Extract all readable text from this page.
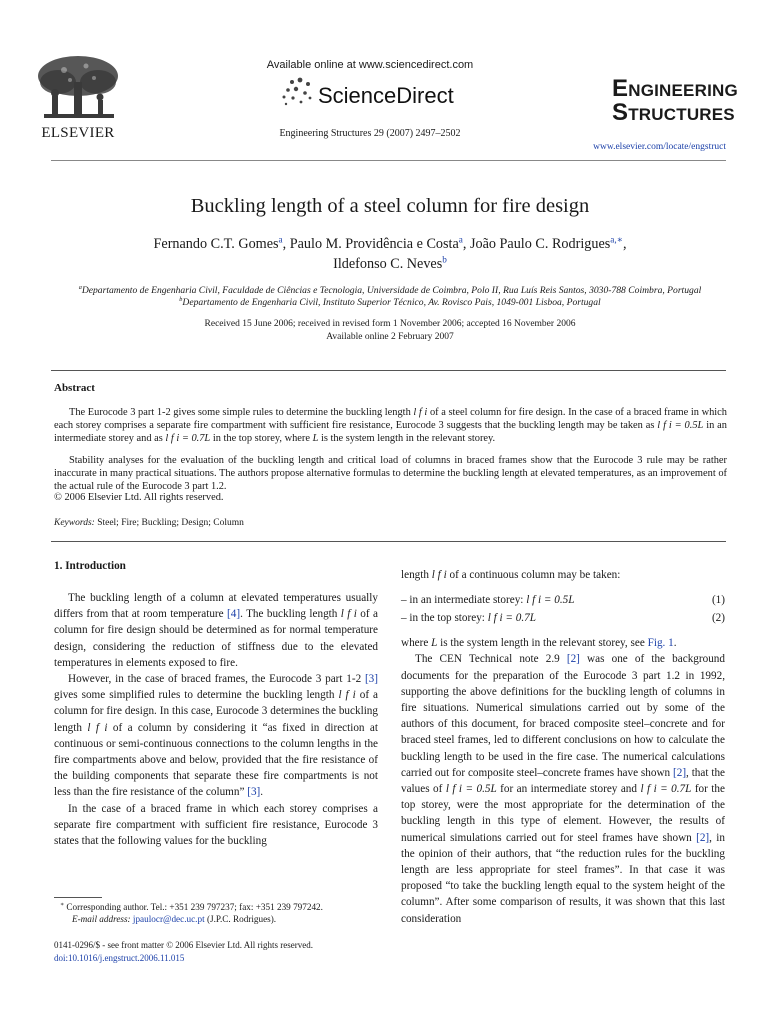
ELSEVIER
Available online at www.sciencedirect.com
ScienceDirect
Engineering Structures 29 (2007) 2497–2502
ENGINEERING
STRUCTURES
www.elsevier.com/locate/engstruct
Buckling length of a steel column for fire design
Fernando C.T. Gomes$^a$, Paulo M. Providência e Costa$^a$, João Paulo C. Rodrigues$^{a,∗}$,
Ildefonso C. Neves$^b$
$^a$Departamento de Engenharia Civil, Faculdade de Ciências e Tecnologia, Universidade de Coimbra, Polo II, Rua Luís Reis Santos, 3030-788 Coimbra, Portugal
$^b$Departamento de Engenharia Civil, Instituto Superior Técnico, Av. Rovisco Pais, 1049-001 Lisboa, Portugal
Received 15 June 2006; received in revised form 1 November 2006; accepted 16 November 2006
Available online 2 February 2007
Abstract
The Eurocode 3 part 1-2 gives some simple rules to determine the buckling length l f i of a steel column for fire design. In the case of a braced frame in which each storey comprises a separate fire compartment with sufficient fire resistance, Eurocode 3 suggests that the buckling length may be taken as l f i = 0.5L in an intermediate storey and as l f i = 0.7L in the top storey, where L is the system length in the relevant storey.
Stability analyses for the evaluation of the buckling length and critical load of columns in braced frames show that the Eurocode 3 rule may be rather inaccurate in many practical situations. The authors propose alternative formulas to determine the buckling length at elevated temperatures, as an improvement of the actual rule of the Eurocode 3 part 1.2.
© 2006 Elsevier Ltd. All rights reserved.
Keywords: Steel; Fire; Buckling; Design; Column
1. Introduction

The buckling length of a column at elevated temperatures usually differs from that at room temperature [4]. The buckling length l f i of a column for fire design should be determined as for normal temperature design, considering the reduction of stiffness due to the elevated temperatures in elements exposed to fire.

However, in the case of braced frames, the Eurocode 3 part 1-2 [3] gives some simplified rules to determine the buckling length l f i of a column for fire design. In this case, Eurocode 3 determines the buckling length l f i of a column by considering it “as fixed in direction at continuous or semi-continuous connections to the column lengths in the fire compartments above and below, provided that the fire resistance of the building components that separate these fire compartments is not less than the fire resistance of the column” [3].

In the case of a braced frame in which each storey comprises a separate fire compartment with sufficient fire resistance, Eurocode 3 states that the following values for the buckling

length l f i of a continuous column may be taken:

– in an intermediate storey: l f i = 0.5L	(1)
– in the top storey: l f i = 0.7L	(2)

where L is the system length in the relevant storey, see Fig. 1.

The CEN Technical note 2.9 [2] was one of the background documents for the preparation of the Eurocode 3 part 1.2 in 1992, supporting the above definitions for the buckling length of columns in fire situations. Numerical simulations carried out by some of the authors of this document, for braced composite steel–concrete and for braced steel frames, led to different conclusions on how to calculate the buckling length to be used in the fire case. The numerical calculations carried out for composite steel–concrete frames have shown [2], that the values of l f i = 0.5L for an intermediate storey and l f i = 0.7L for the top storey, were the most appropriate for the determination of the buckling length in this type of element. However, the results of numerical simulations carried out for steel frames have shown [2], in the opinion of their authors, that “the reduction rules for the buckling length are less appropriate for steel frames”. In that case it was proposed “to take the buckling length equal to the system height of the column”. After some comparison of results, it was shown that this last consideration

∗ Corresponding author. Tel.: +351 239 797237; fax: +351 239 797242.
E-mail address: jpaulocr@dec.uc.pt (J.P.C. Rodrigues).
0141-0296/$ - see front matter © 2006 Elsevier Ltd. All rights reserved.
doi:10.1016/j.engstruct.2006.11.015
